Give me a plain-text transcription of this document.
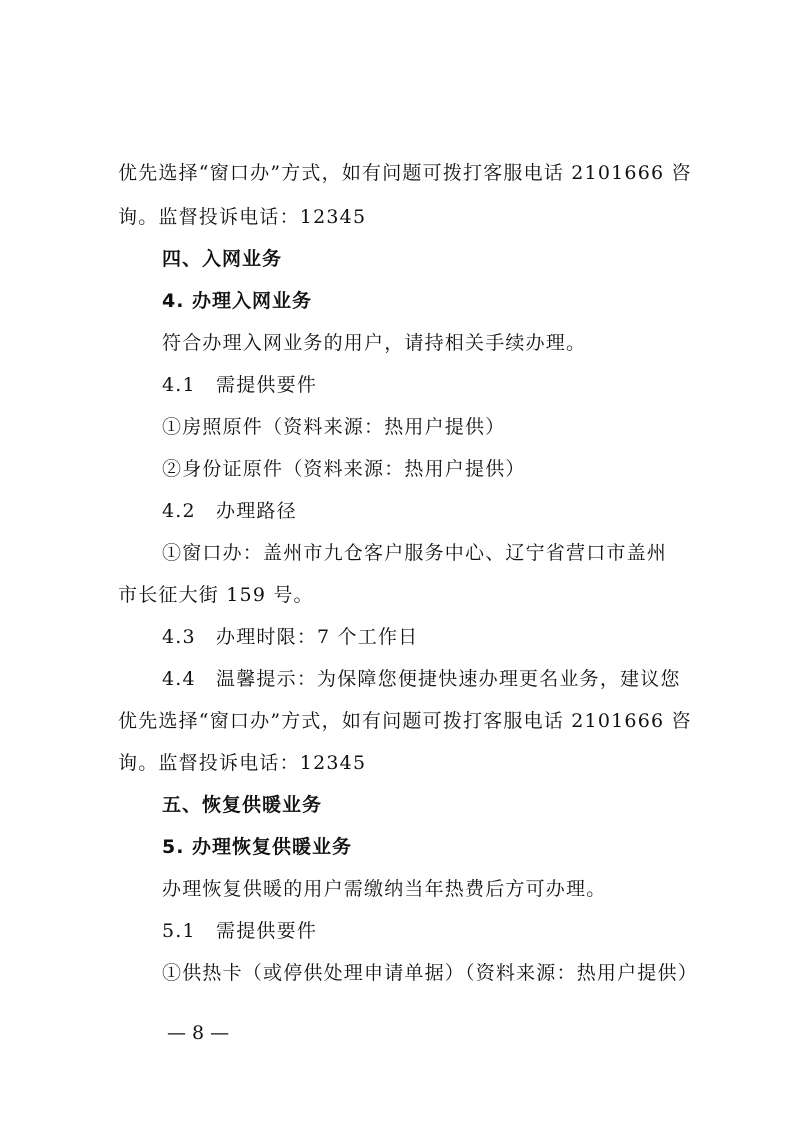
优先选择“窗口办”方式，如有问题可拨打客服电话 2101666 咨
询。监督投诉电话：12345
四、入网业务
4. 办理入网业务
符合办理入网业务的用户，请持相关手续办理。
4.1　需提供要件
①房照原件（资料来源：热用户提供）
②身份证原件（资料来源：热用户提供）
4.2　办理路径
①窗口办：盖州市九仓客户服务中心、辽宁省营口市盖州
市长征大街 159 号。
4.3　办理时限：7 个工作日
4.4　温馨提示：为保障您便捷快速办理更名业务，建议您
优先选择“窗口办”方式，如有问题可拨打客服电话 2101666 咨
询。监督投诉电话：12345
五、恢复供暖业务
5. 办理恢复供暖业务
办理恢复供暖的用户需缴纳当年热费后方可办理。
5.1　需提供要件
①供热卡（或停供处理申请单据）（资料来源：热用户提供）
— 8 —
